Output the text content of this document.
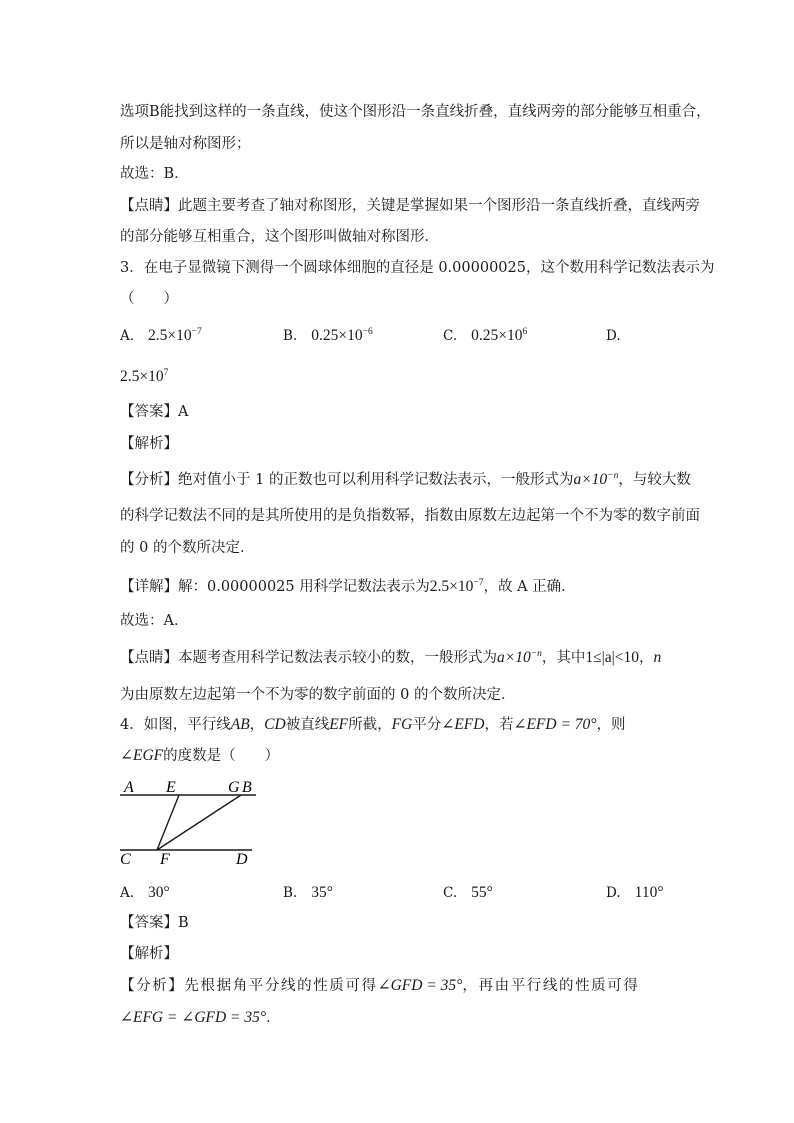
选项B能找到这样的一条直线，使这个图形沿一条直线折叠，直线两旁的部分能够互相重合，
所以是轴对称图形；
故选：B．
【点睛】此题主要考查了轴对称图形，关键是掌握如果一个图形沿一条直线折叠，直线两旁
的部分能够互相重合，这个图形叫做轴对称图形．
3．在电子显微镜下测得一个圆球体细胞的直径是 0.00000025，这个数用科学记数法表示为
（　　）
A. $2.5\times 10^{-7}$	B. $0.25\times 10^{-6}$	C. $0.25\times 10^6$	D.
$2.5\times 10^7$
【答案】A
【解析】
【分析】绝对值小于 1 的正数也可以利用科学记数法表示，一般形式为$a\times 10^{-n}$，与较大数
的科学记数法不同的是其所使用的是负指数幂，指数由原数左边起第一个不为零的数字前面
的 0 的个数所决定．
【详解】解：0.00000025 用科学记数法表示为$2.5\times 10^{-7}$，故 A 正确．
故选：A．
【点睛】本题考查用科学记数法表示较小的数，一般形式为$a\times 10^{-n}$，其中1≤|a|<10，n
为由原数左边起第一个不为零的数字前面的 0 的个数所决定．
4．如图，平行线AB，CD被直线EF所截，FG平分∠EFD，若∠EFD = 70°，则
∠EGF的度数是（　　）
A E	G B
C F	D
A. 30°	B. 35°	C. 55°	D. 110°
【答案】B
【解析】
【分析】先根据角平分线的性质可得∠GFD = 35°，再由平行线的性质可得
∠EFG = ∠GFD = 35°．
